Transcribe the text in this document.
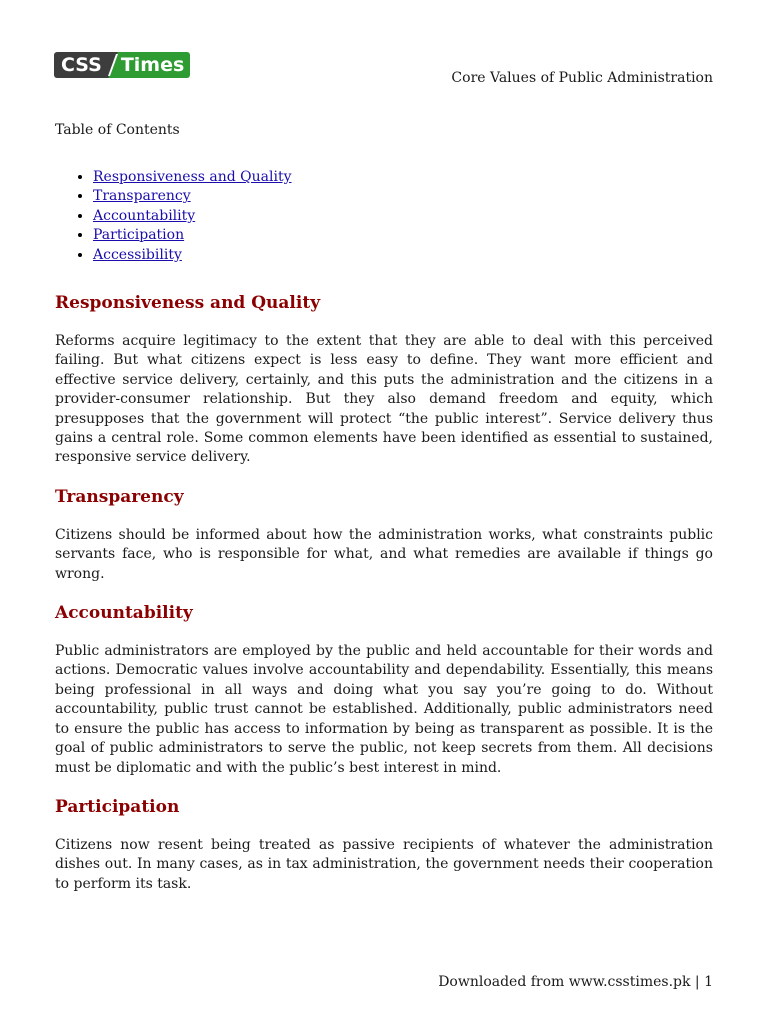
CSS	Times
Core Values of Public Administration
Table of Contents
• Responsiveness and Quality
• Transparency
• Accountability
• Participation
• Accessibility
Responsiveness and Quality

Reforms acquire legitimacy to the extent that they are able to deal with this perceived failing. But what citizens expect is less easy to define. They want more efficient and effective service delivery, certainly, and this puts the administration and the citizens in a provider-consumer relationship. But they also demand freedom and equity, which presupposes that the government will protect “the public interest”. Service delivery thus gains a central role. Some common elements have been identified as essential to sustained, responsive service delivery.

Transparency

Citizens should be informed about how the administration works, what constraints public servants face, who is responsible for what, and what remedies are available if things go wrong.

Accountability

Public administrators are employed by the public and held accountable for their words and actions. Democratic values involve accountability and dependability. Essentially, this means being professional in all ways and doing what you say you’re going to do. Without accountability, public trust cannot be established. Additionally, public administrators need to ensure the public has access to information by being as transparent as possible. It is the goal of public administrators to serve the public, not keep secrets from them. All decisions must be diplomatic and with the public’s best interest in mind.

Participation

Citizens now resent being treated as passive recipients of whatever the administration dishes out. In many cases, as in tax administration, the government needs their cooperation to perform its task.

Downloaded from www.csstimes.pk | 1
